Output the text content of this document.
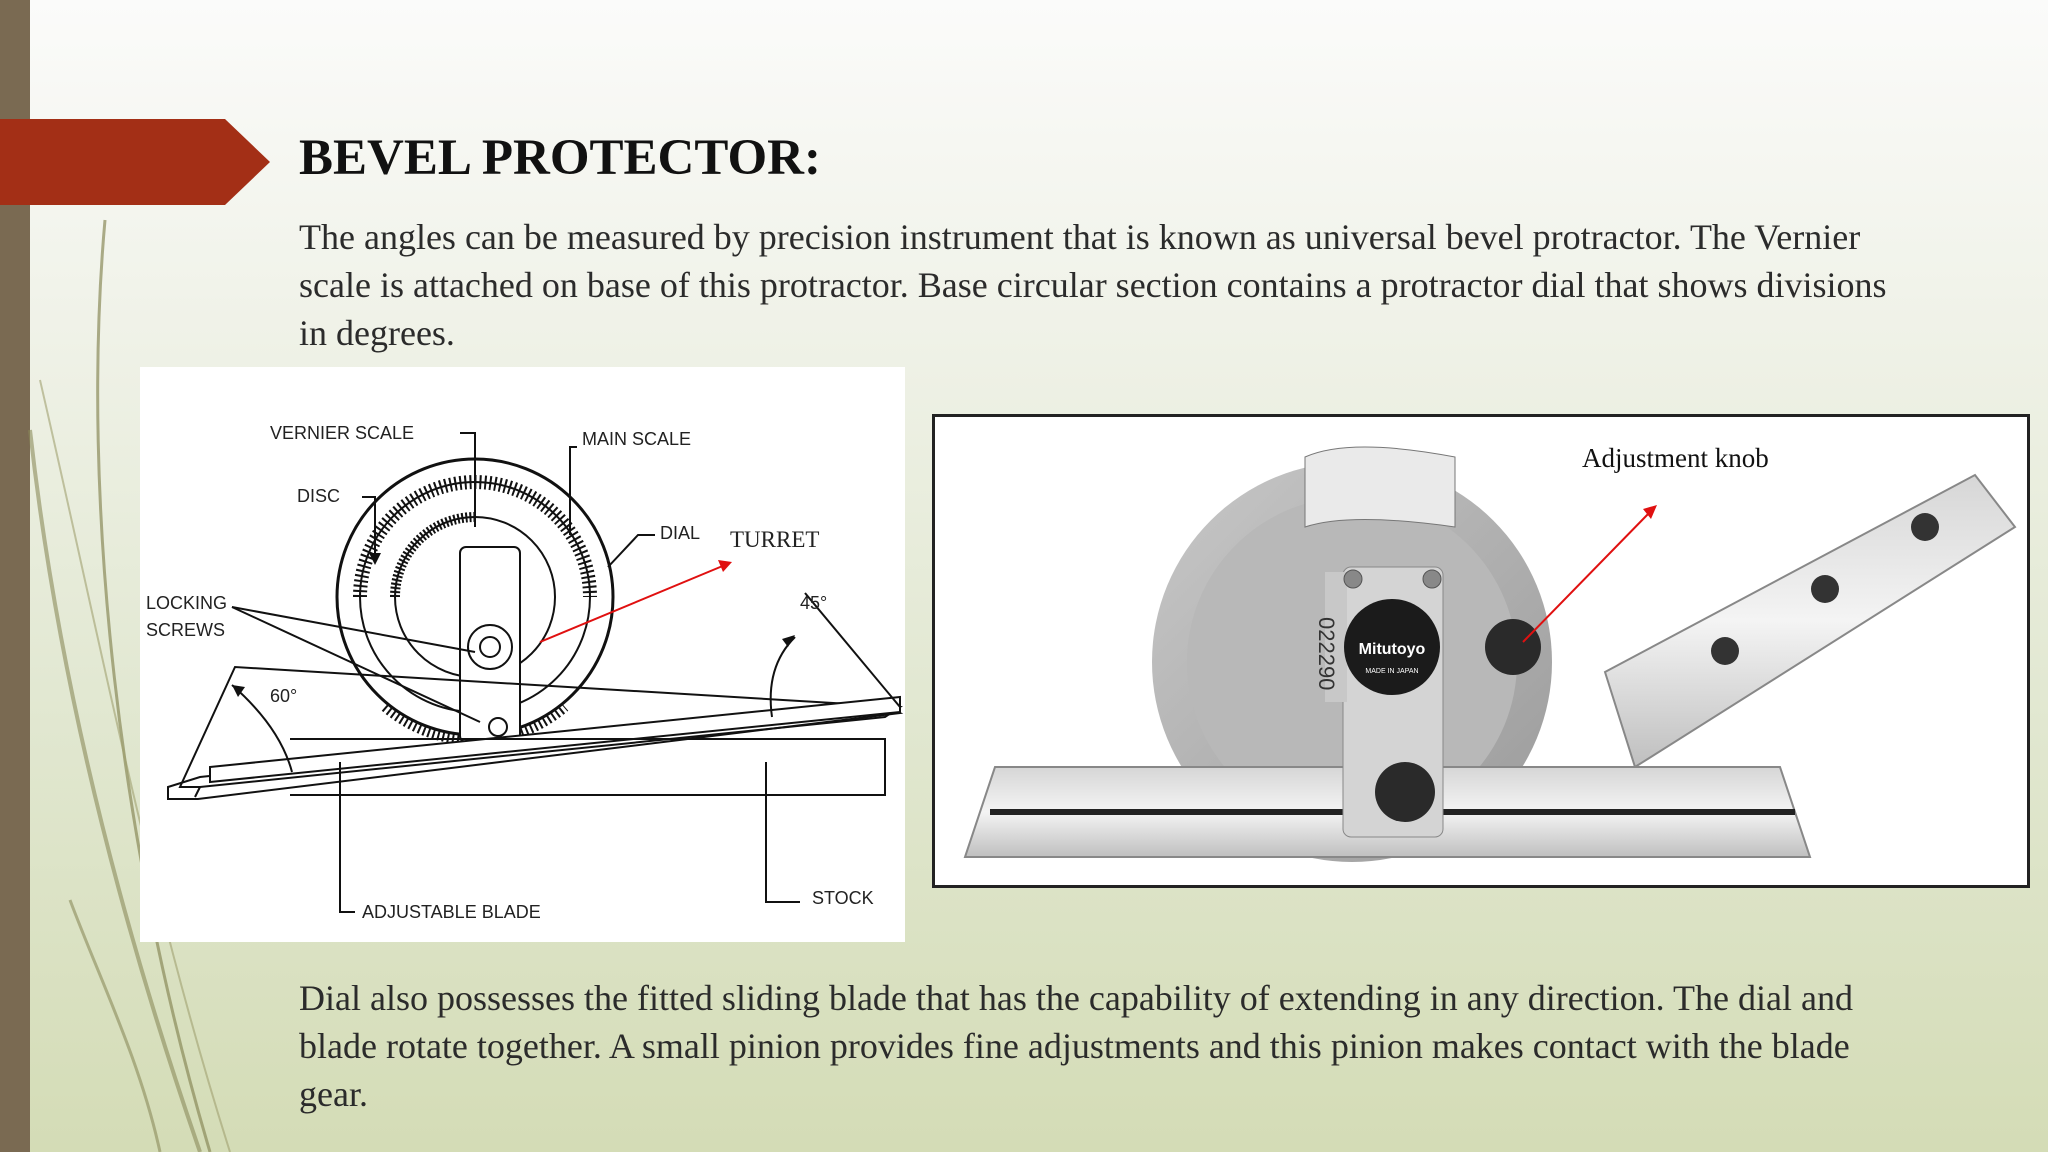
BEVEL PROTECTOR:

The angles can be measured by precision instrument that is known as universal bevel protractor. The Vernier scale is attached on base of this protractor. Base circular section contains a protractor dial that shows divisions in degrees.

VERNIER SCALE	MAIN SCALE
DISC
DIAL TURRET
LOCKING
SCREWS
60°
45°
ADJUSTABLE BLADE
STOCK
Mitutoyo
MADE IN JAPAN
022290
Adjustment knob

Dial also possesses the fitted sliding blade that has the capability of extending in any direction. The dial and blade rotate together. A small pinion provides fine adjustments and this pinion makes contact with the blade gear.
